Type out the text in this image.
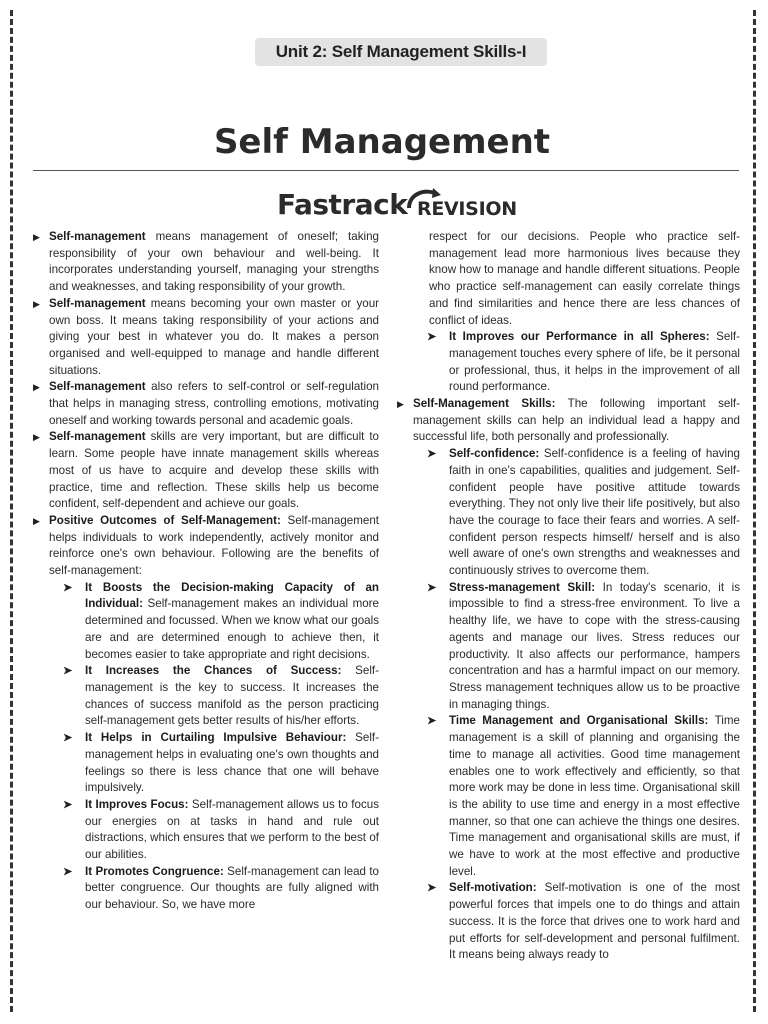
Unit 2: Self Management Skills-I
Self Management
Fastrack REVISION
▶ Self-management means management of oneself; taking responsibility of your own behaviour and well-being. It incorporates understanding yourself, managing your strengths and weaknesses, and taking responsibility of your growth.
▶ Self-management means becoming your own master or your own boss. It means taking responsibility of your actions and giving your best in whatever you do. It makes a person organised and well-equipped to manage and handle different situations.
▶ Self-management also refers to self-control or self-regulation that helps in managing stress, controlling emotions, motivating oneself and working towards personal and academic goals.
▶ Self-management skills are very important, but are difficult to learn. Some people have innate management skills whereas most of us have to acquire and develop these skills with practice, time and reflection. These skills help us become confident, self-dependent and achieve our goals.
▶ Positive Outcomes of Self-Management: Self-management helps individuals to work independently, actively monitor and reinforce one's own behaviour. Following are the benefits of self-management:
➤ It Boosts the Decision-making Capacity of an Individual: Self-management makes an individual more determined and focussed. When we know what our goals are and are determined enough to achieve then, it becomes easier to take appropriate and right decisions.
➤ It Increases the Chances of Success: Self-management is the key to success. It increases the chances of success manifold as the person practicing self-management gets better results of his/her efforts.
➤ It Helps in Curtailing Impulsive Behaviour: Self-management helps in evaluating one's own thoughts and feelings so there is less chance that one will behave impulsively.
➤ It Improves Focus: Self-management allows us to focus our energies on at tasks in hand and rule out distractions, which ensures that we perform to the best of our abilities.
➤ It Promotes Congruence: Self-management can lead to better congruence. Our thoughts are fully aligned with our behaviour. So, we have more
respect for our decisions. People who practice self-management lead more harmonious lives because they know how to manage and handle different situations. People who practice self-management can easily correlate things and find similarities and hence there are less chances of conflict of ideas.
➤ It Improves our Performance in all Spheres: Self-management touches every sphere of life, be it personal or professional, thus, it helps in the improvement of all round performance.
▶ Self-Management Skills: The following important self-management skills can help an individual lead a happy and successful life, both personally and professionally.
➤ Self-confidence: Self-confidence is a feeling of having faith in one's capabilities, qualities and judgement. Self-confident people have positive attitude towards everything. They not only live their life positively, but also have the courage to face their fears and worries. A self-confident person respects himself/ herself and is also well aware of one's own strengths and weaknesses and continuously strives to overcome them.
➤ Stress-management Skill: In today's scenario, it is impossible to find a stress-free environment. To live a healthy life, we have to cope with the stress-causing agents and manage our lives. Stress reduces our productivity. It also affects our performance, hampers concentration and has a harmful impact on our memory. Stress management techniques allow us to be proactive in managing things.
➤ Time Management and Organisational Skills: Time management is a skill of planning and organising the time to manage all activities. Good time management enables one to work effectively and efficiently, so that more work may be done in less time. Organisational skill is the ability to use time and energy in a most effective manner, so that one can achieve the things one desires. Time management and organisational skills are must, if we have to work at the most effective and productive level.
➤ Self-motivation: Self-motivation is one of the most powerful forces that impels one to do things and attain success. It is the force that drives one to work hard and put efforts for self-development and personal fulfilment. It means being always ready to
